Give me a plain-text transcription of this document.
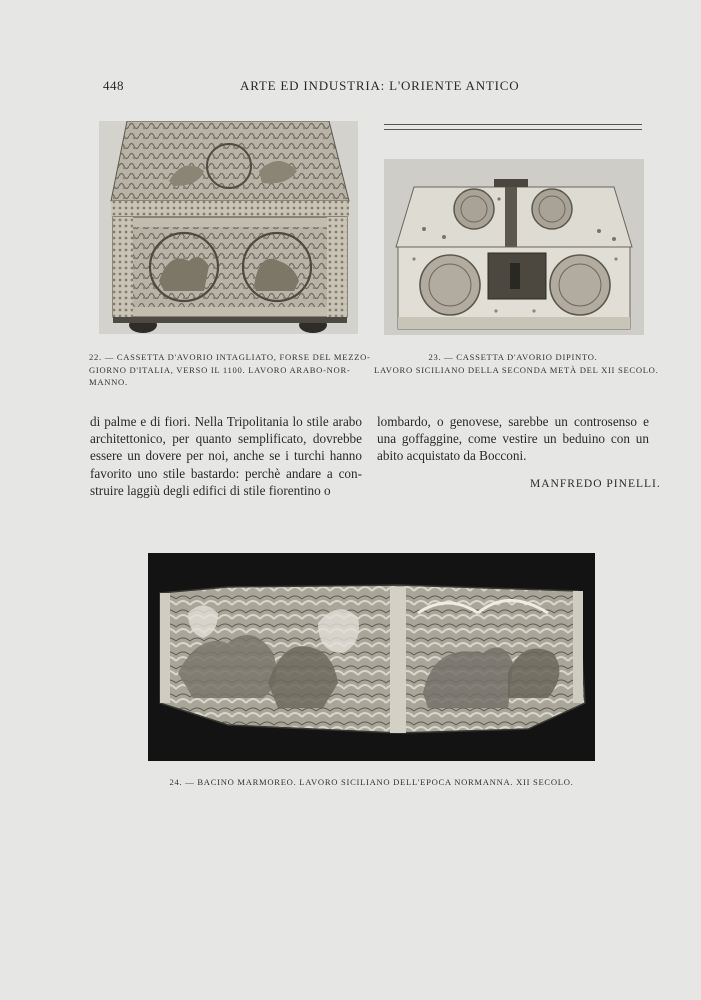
448	ARTE ED INDUSTRIA: L'ORIENTE ANTICO
22. — CASSETTA D'AVORIO INTAGLIATO, FORSE DEL MEZZO-
GIORNO D'ITALIA, VERSO IL 1100. LAVORO ARABO-NOR-
MANNO.
23. — CASSETTA D'AVORIO DIPINTO.
LAVORO SICILIANO DELLA SECONDA METÀ DEL XII SECOLO.
di palme e di fiori. Nella Tripolitania lo stile arabo
architettonico, per quanto semplificato, dovrebbe
essere un dovere per noi, anche se i turchi hanno
favorito uno stile bastardo: perchè andare a con-
struire laggiù degli edifici di stile fiorentino o
lombardo, o genovese, sarebbe un controsenso e
una goffaggine, come vestire un beduino con un
abito acquistato da Bocconi.
MANFREDO PINELLI.
24. — BACINO MARMOREO. LAVORO SICILIANO DELL'EPOCA NORMANNA. XII SECOLO.
